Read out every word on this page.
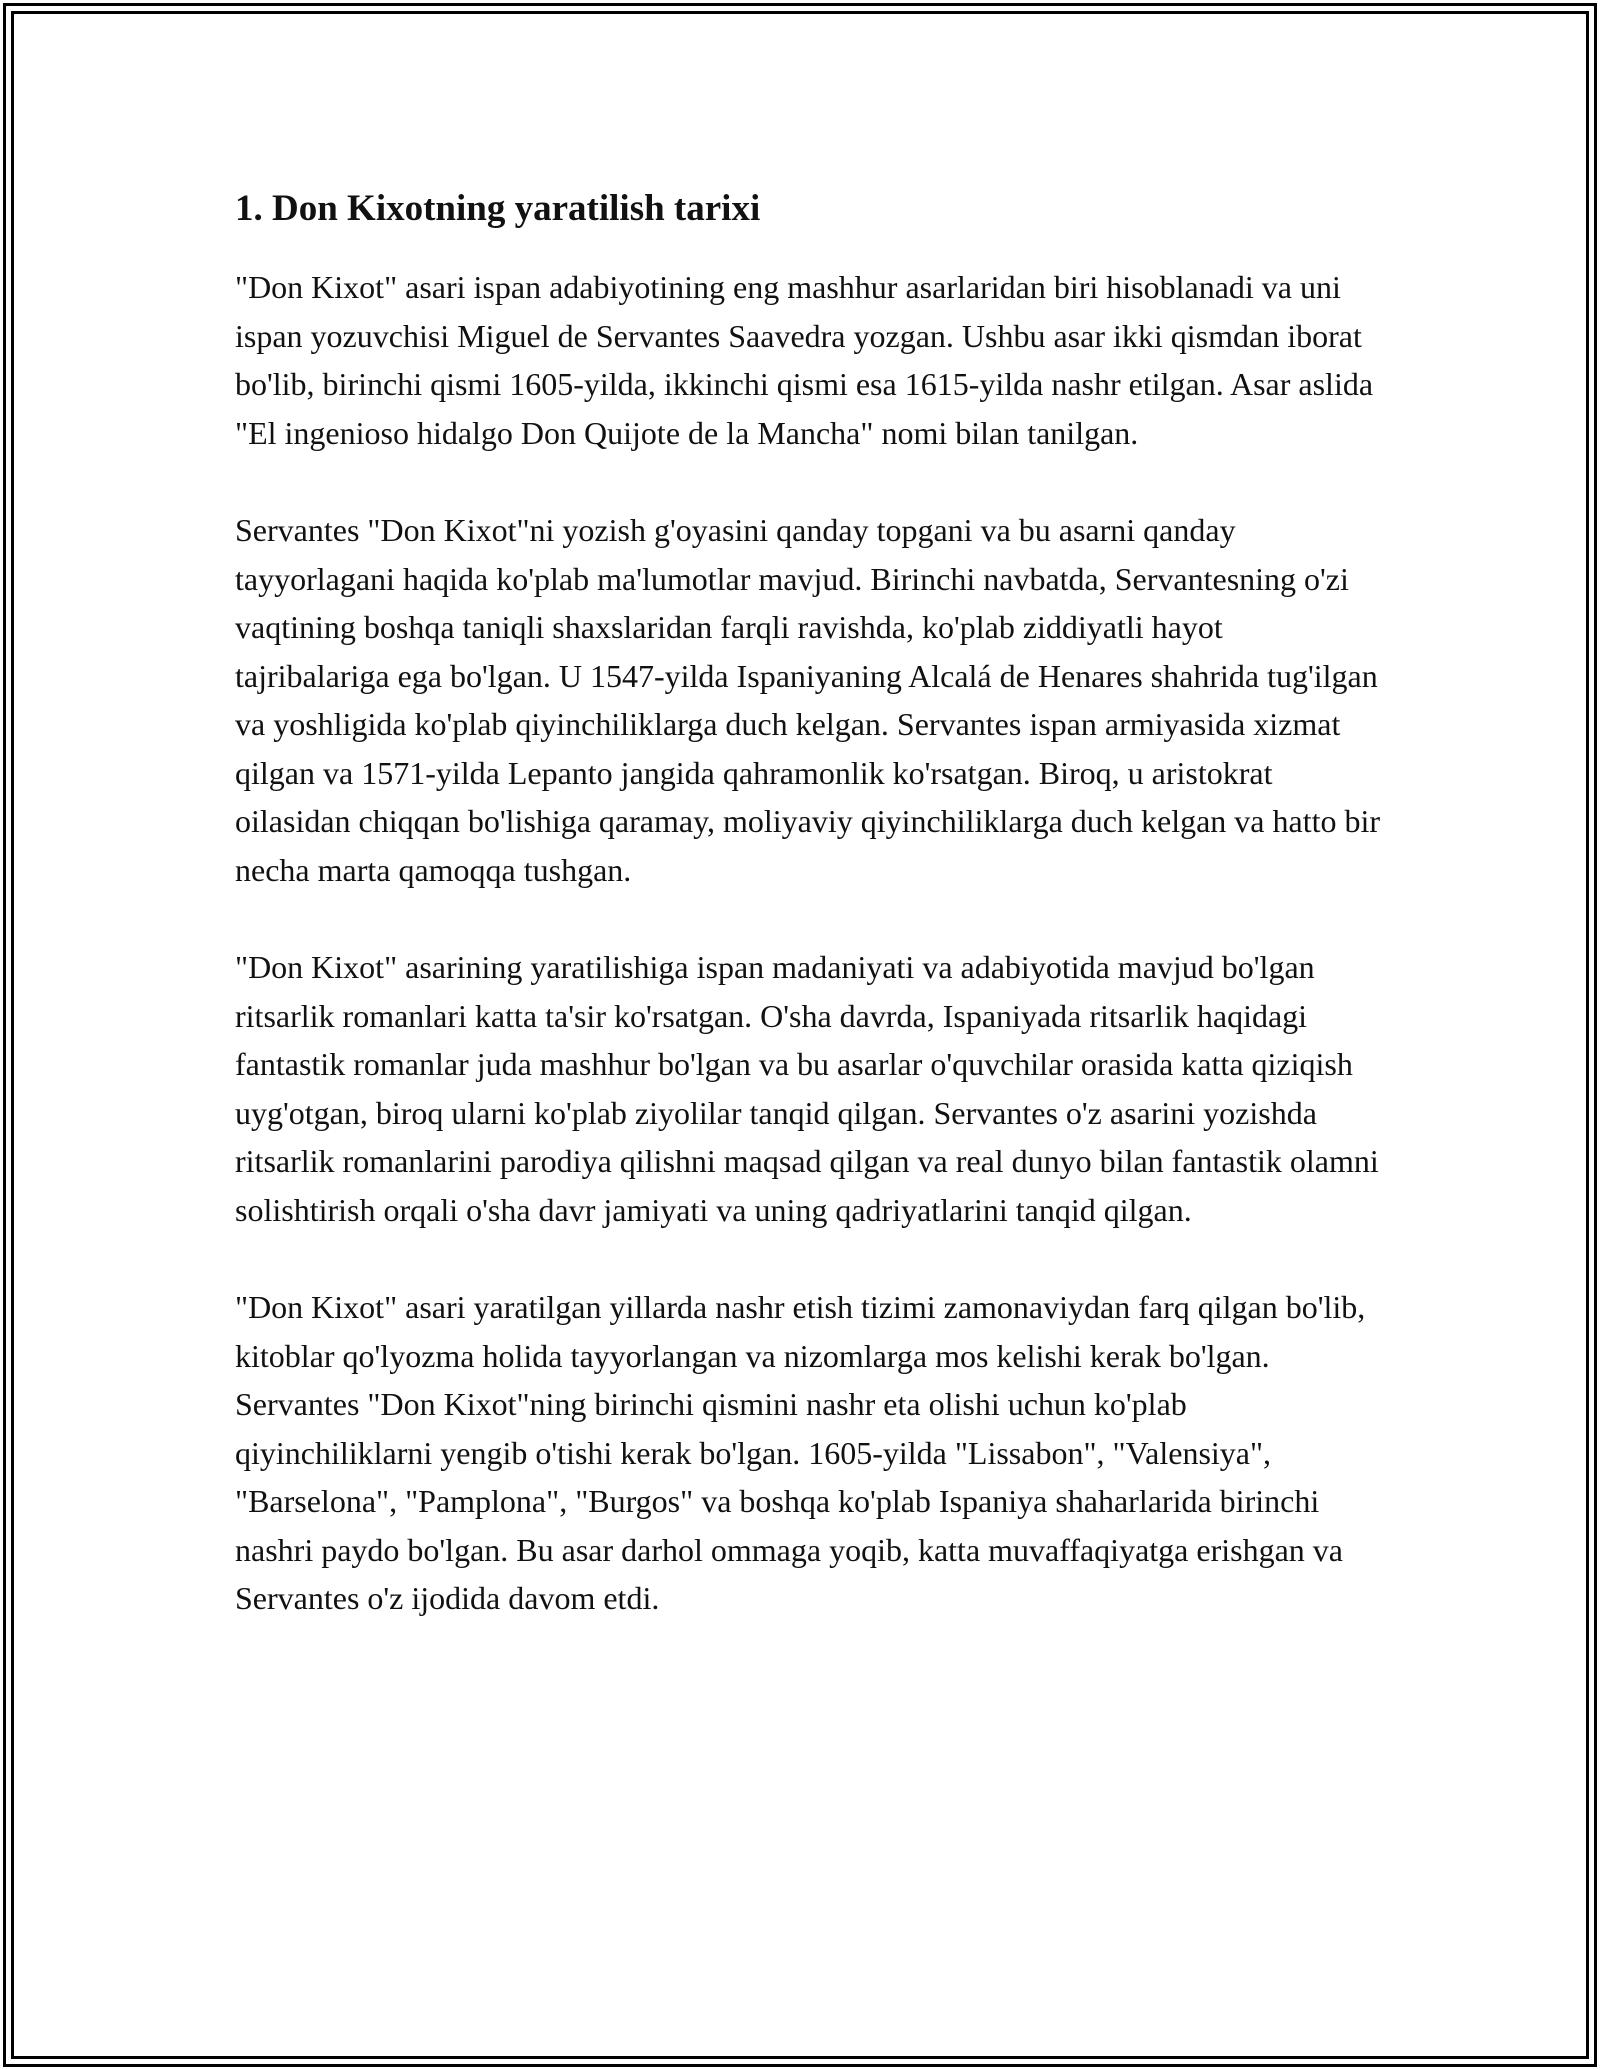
1. Don Kixotning yaratilish tarixi

"Don Kixot" asari ispan adabiyotining eng mashhur asarlaridan biri hisoblanadi va uni ispan yozuvchisi Miguel de Servantes Saavedra yozgan. Ushbu asar ikki qismdan iborat bo'lib, birinchi qismi 1605-yilda, ikkinchi qismi esa 1615-yilda nashr etilgan. Asar aslida "El ingenioso hidalgo Don Quijote de la Mancha" nomi bilan tanilgan.

Servantes "Don Kixot"ni yozish g'oyasini qanday topgani va bu asarni qanday tayyorlagani haqida ko'plab ma'lumotlar mavjud. Birinchi navbatda, Servantesning o'zi vaqtining boshqa taniqli shaxslaridan farqli ravishda, ko'plab ziddiyatli hayot tajribalariga ega bo'lgan. U 1547-yilda Ispaniyaning Alcalá de Henares shahrida tug'ilgan va yoshligida ko'plab qiyinchiliklarga duch kelgan. Servantes ispan armiyasida xizmat qilgan va 1571-yilda Lepanto jangida qahramonlik ko'rsatgan. Biroq, u aristokrat oilasidan chiqqan bo'lishiga qaramay, moliyaviy qiyinchiliklarga duch kelgan va hatto bir necha marta qamoqqa tushgan.

"Don Kixot" asarining yaratilishiga ispan madaniyati va adabiyotida mavjud bo'lgan ritsarlik romanlari katta ta'sir ko'rsatgan. O'sha davrda, Ispaniyada ritsarlik haqidagi fantastik romanlar juda mashhur bo'lgan va bu asarlar o'quvchilar orasida katta qiziqish uyg'otgan, biroq ularni ko'plab ziyolilar tanqid qilgan. Servantes o'z asarini yozishda ritsarlik romanlarini parodiya qilishni maqsad qilgan va real dunyo bilan fantastik olamni solishtirish orqali o'sha davr jamiyati va uning qadriyatlarini tanqid qilgan.

"Don Kixot" asari yaratilgan yillarda nashr etish tizimi zamonaviydan farq qilgan bo'lib, kitoblar qo'lyozma holida tayyorlangan va nizomlarga mos kelishi kerak bo'lgan. Servantes "Don Kixot"ning birinchi qismini nashr eta olishi uchun ko'plab qiyinchiliklarni yengib o'tishi kerak bo'lgan. 1605-yilda "Lissabon", "Valensiya", "Barselona", "Pamplona", "Burgos" va boshqa ko'plab Ispaniya shaharlarida birinchi nashri paydo bo'lgan. Bu asar darhol ommaga yoqib, katta muvaffaqiyatga erishgan va Servantes o'z ijodida davom etdi.
